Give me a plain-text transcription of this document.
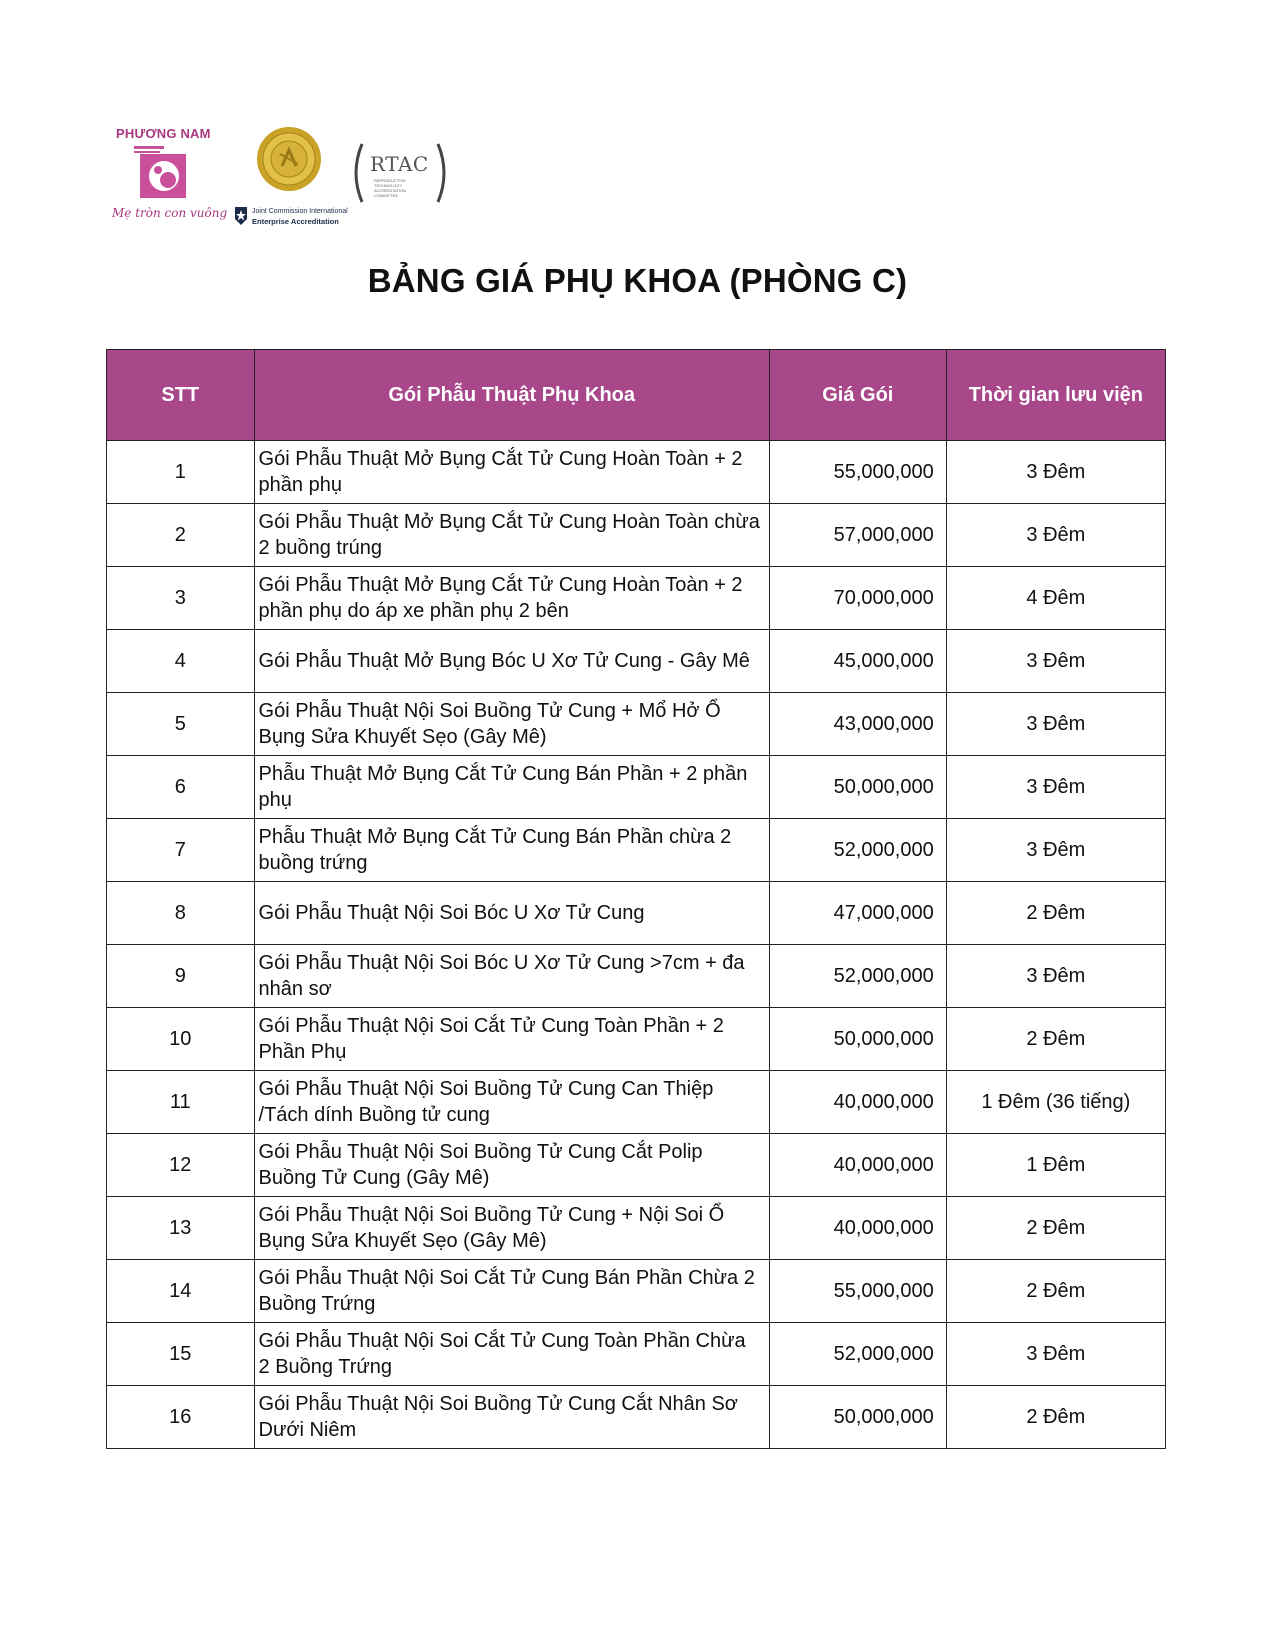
PHƯƠNG NAM
Mẹ tròn con vuông	Joint Commission International
Enterprise Accreditation
RTAC
REPRODUCTIVE TECHNOLOGY ACCREDITATION COMMITTEE
BẢNG GIÁ PHỤ KHOA (PHÒNG C)
STT	Gói Phẫu Thuật Phụ Khoa	Giá Gói	Thời gian lưu viện
1	Gói Phẫu Thuật Mở Bụng Cắt Tử Cung Hoàn Toàn + 2 phần phụ	55,000,000	3 Đêm
2	Gói Phẫu Thuật Mở Bụng Cắt Tử Cung Hoàn Toàn chừa 2 buồng trúng	57,000,000	3 Đêm
3	Gói Phẫu Thuật Mở Bụng Cắt Tử Cung Hoàn Toàn + 2 phần phụ do áp xe phần phụ 2 bên	70,000,000	4 Đêm
4	Gói Phẫu Thuật Mở Bụng Bóc U Xơ Tử Cung - Gây Mê	45,000,000	3 Đêm
5	Gói Phẫu Thuật Nội Soi Buồng Tử Cung + Mổ Hở Ổ Bụng Sửa Khuyết Sẹo (Gây Mê)	43,000,000	3 Đêm
6	Phẫu Thuật Mở Bụng Cắt Tử Cung Bán Phần + 2 phần phụ	50,000,000	3 Đêm
7	Phẫu Thuật Mở Bụng Cắt Tử Cung Bán Phần chừa 2 buồng trứng	52,000,000	3 Đêm
8	Gói Phẫu Thuật Nội Soi Bóc U Xơ Tử Cung	47,000,000	2 Đêm
9	Gói Phẫu Thuật Nội Soi Bóc U Xơ Tử Cung >7cm + đa nhân sơ	52,000,000	3 Đêm
10	Gói Phẫu Thuật Nội Soi Cắt Tử Cung Toàn Phần + 2 Phần Phụ	50,000,000	2 Đêm
11	Gói Phẫu Thuật Nội Soi Buồng Tử Cung Can Thiệp /Tách dính Buồng tử cung	40,000,000	1 Đêm (36 tiếng)
12	Gói Phẫu Thuật Nội Soi Buồng Tử Cung Cắt Polip Buồng Tử Cung (Gây Mê)	40,000,000	1 Đêm
13	Gói Phẫu Thuật Nội Soi Buồng Tử Cung + Nội Soi Ổ Bụng Sửa Khuyết Sẹo (Gây Mê)	40,000,000	2 Đêm
14	Gói Phẫu Thuật Nội Soi Cắt Tử Cung Bán Phần Chừa 2 Buồng Trứng	55,000,000	2 Đêm
15	Gói Phẫu Thuật Nội Soi Cắt Tử Cung Toàn Phần Chừa 2 Buồng Trứng	52,000,000	3 Đêm
16	Gói Phẫu Thuật Nội Soi Buồng Tử Cung Cắt Nhân Sơ Dưới Niêm	50,000,000	2 Đêm
